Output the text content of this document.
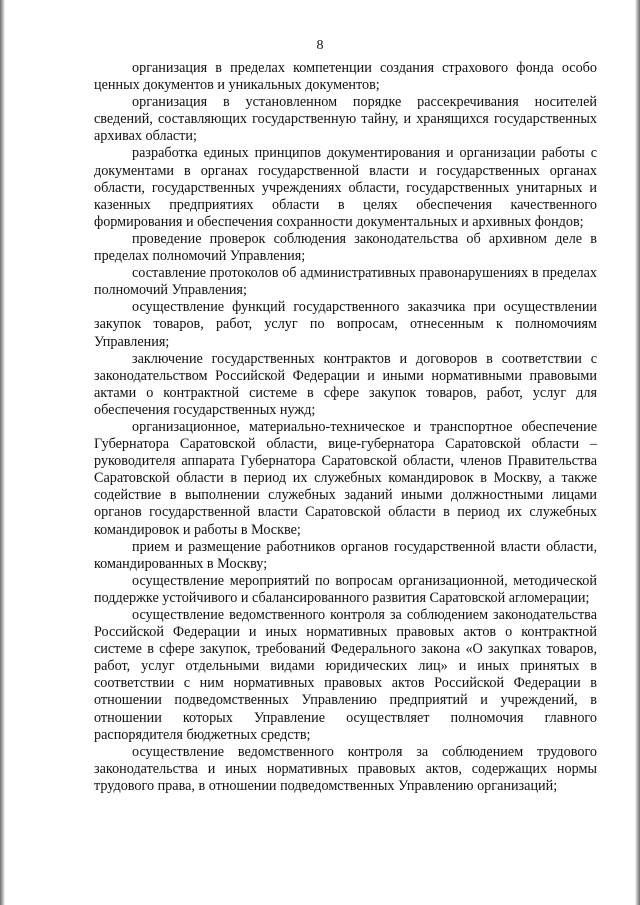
8

организация в пределах компетенции создания страхового фонда особо ценных документов и уникальных документов;

организация в установленном порядке рассекречивания носителей сведений, составляющих государственную тайну, и хранящихся государственных архивах области;

разработка единых принципов документирования и организации работы с документами в органах государственной власти и государственных органах области, государственных учреждениях области, государственных унитарных и казенных предприятиях области в целях обеспечения качественного формирования и обеспечения сохранности документальных и архивных фондов;

проведение проверок соблюдения законодательства об архивном деле в пределах полномочий Управления;

составление протоколов об административных правонарушениях в пределах полномочий Управления;

осуществление функций государственного заказчика при осуществлении закупок товаров, работ, услуг по вопросам, отнесенным к полномочиям Управления;

заключение государственных контрактов и договоров в соответствии с законодательством Российской Федерации и иными нормативными правовыми актами о контрактной системе в сфере закупок товаров, работ, услуг для обеспечения государственных нужд;

организационное, материально-техническое и транспортное обеспечение Губернатора Саратовской области, вице-губернатора Саратовской области – руководителя аппарата Губернатора Саратовской области, членов Правительства Саратовской области в период их служебных командировок в Москву, а также содействие в выполнении служебных заданий иными должностными лицами органов государственной власти Саратовской области в период их служебных командировок и работы в Москве;

прием и размещение работников органов государственной власти области, командированных в Москву;

осуществление мероприятий по вопросам организационной, методической поддержке устойчивого и сбалансированного развития Саратовской агломерации;

осуществление ведомственного контроля за соблюдением законодательства Российской Федерации и иных нормативных правовых актов о контрактной системе в сфере закупок, требований Федерального закона «О закупках товаров, работ, услуг отдельными видами юридических лиц» и иных принятых в соответствии с ним нормативных правовых актов Российской Федерации в отношении подведомственных Управлению предприятий и учреждений, в отношении которых Управление осуществляет полномочия главного распорядителя бюджетных средств;

осуществление ведомственного контроля за соблюдением трудового законодательства и иных нормативных правовых актов, содержащих нормы трудового права, в отношении подведомственных Управлению организаций;
